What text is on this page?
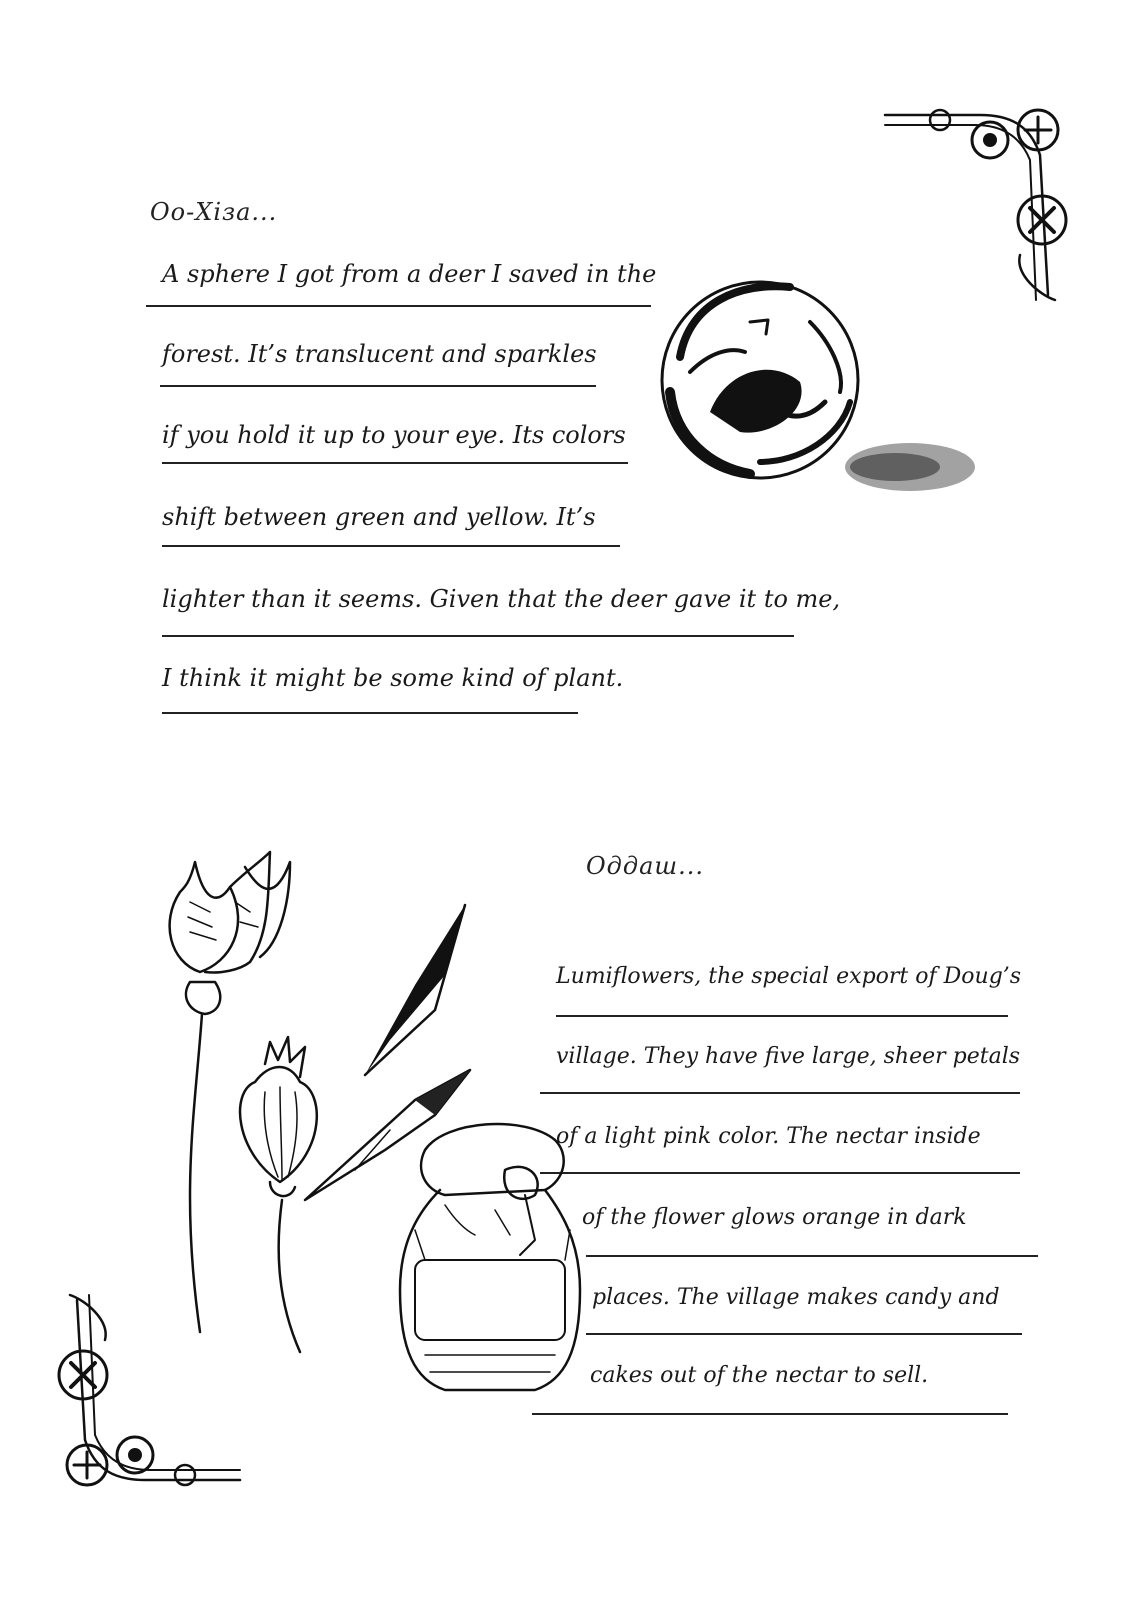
Оо-Хіза...
A sphere I got from a deer I saved in the
forest. It’s translucent and sparkles
if you hold it up to your eye. Its colors
shift between green and yellow. It’s
lighter than it seems. Given that the deer gave it to me,
I think it might be some kind of plant.
Оддаш...
Lumiflowers, the special export of Doug’s
village. They have five large, sheer petals
of a light pink color. The nectar inside
of the flower glows orange in dark
places. The village makes candy and
cakes out of the nectar to sell.
